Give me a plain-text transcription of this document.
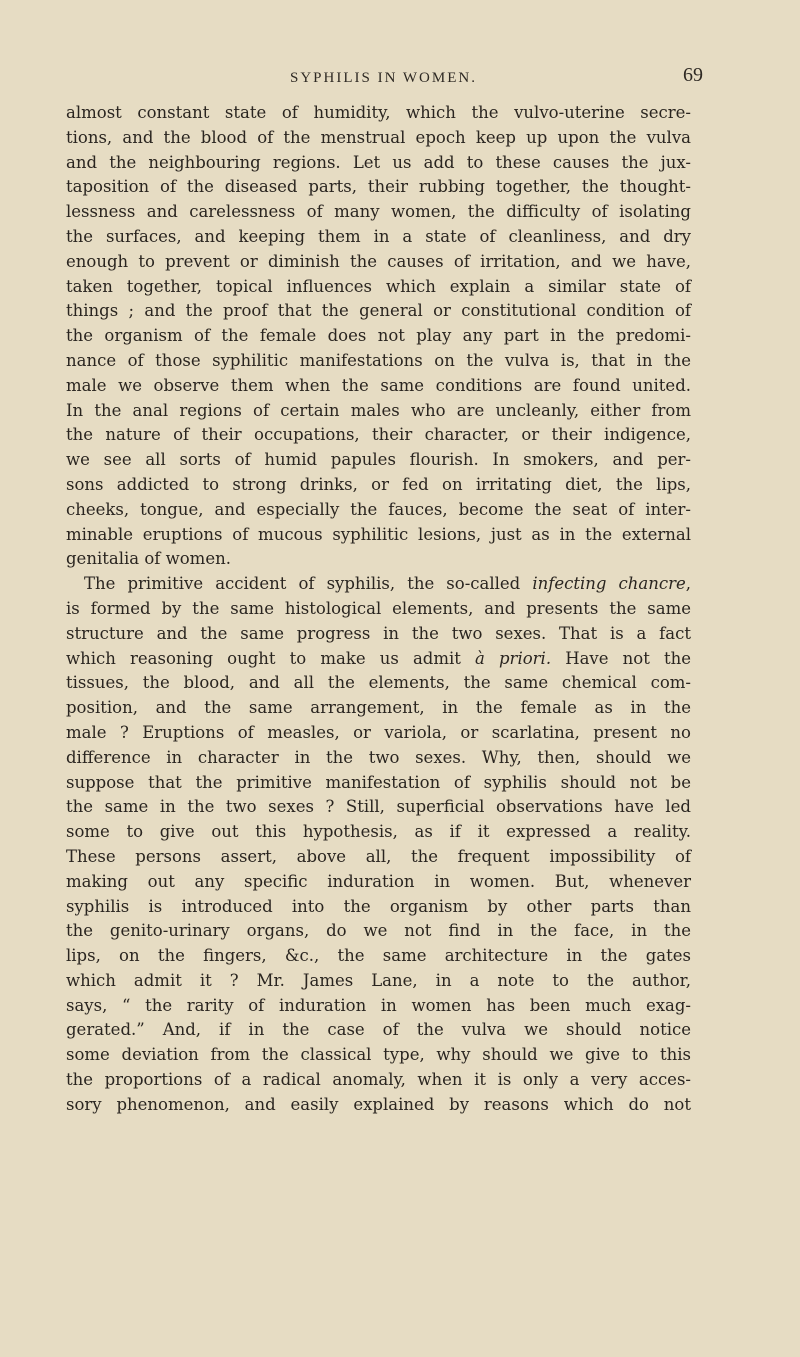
SYPHILIS IN WOMEN.	69
almost constant state of humidity, which the vulvo-uterine secre-
tions, and the blood of the menstrual epoch keep up upon the vulva
and the neighbouring regions. Let us add to these causes the jux-
taposition of the diseased parts, their rubbing together, the thought-
lessness and carelessness of many women, the difficulty of isolating
the surfaces, and keeping them in a state of cleanliness, and dry
enough to prevent or diminish the causes of irritation, and we have,
taken together, topical influences which explain a similar state of
things ; and the proof that the general or constitutional condition of
the organism of the female does not play any part in the predomi-
nance of those syphilitic manifestations on the vulva is, that in the
male we observe them when the same conditions are found united.
In the anal regions of certain males who are uncleanly, either from
the nature of their occupations, their character, or their indigence,
we see all sorts of humid papules flourish. In smokers, and per-
sons addicted to strong drinks, or fed on irritating diet, the lips,
cheeks, tongue, and especially the fauces, become the seat of inter-
minable eruptions of mucous syphilitic lesions, just as in the external
genitalia of women.
The primitive accident of syphilis, the so-called infecting chancre,
is formed by the same histological elements, and presents the same
structure and the same progress in the two sexes. That is a fact
which reasoning ought to make us admit à priori. Have not the
tissues, the blood, and all the elements, the same chemical com-
position, and the same arrangement, in the female as in the
male ? Eruptions of measles, or variola, or scarlatina, present no
difference in character in the two sexes. Why, then, should we
suppose that the primitive manifestation of syphilis should not be
the same in the two sexes ? Still, superficial observations have led
some to give out this hypothesis, as if it expressed a reality.
These persons assert, above all, the frequent impossibility of
making out any specific induration in women. But, whenever
syphilis is introduced into the organism by other parts than
the genito-urinary organs, do we not find in the face, in the
lips, on the fingers, &c., the same architecture in the gates
which admit it ? Mr. James Lane, in a note to the author,
says, “ the rarity of induration in women has been much exag-
gerated.” And, if in the case of the vulva we should notice
some deviation from the classical type, why should we give to this
the proportions of a radical anomaly, when it is only a very acces-
sory phenomenon, and easily explained by reasons which do not
